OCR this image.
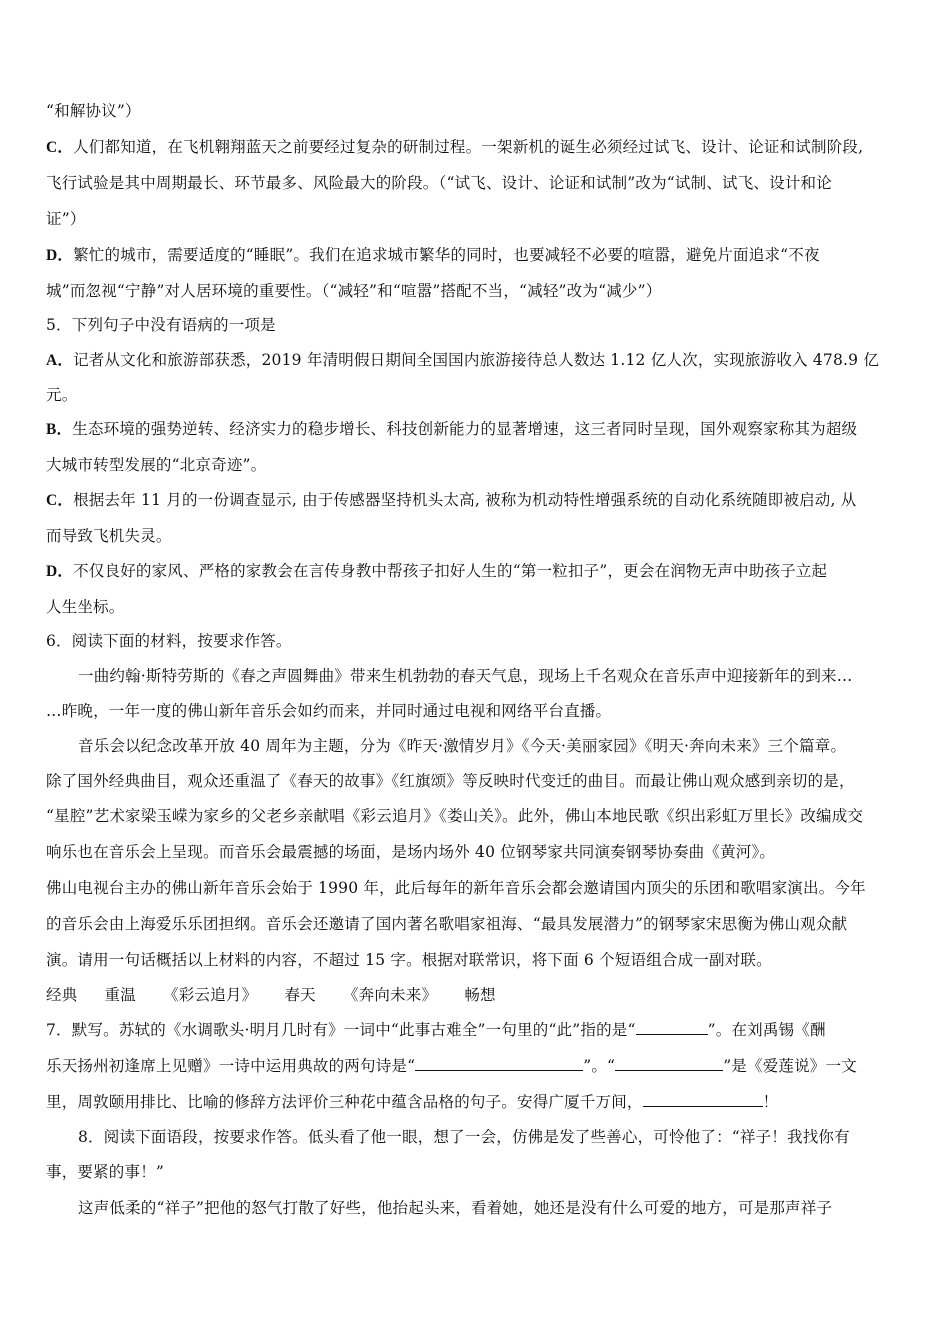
“和解协议”）
C．人们都知道，在飞机翱翔蓝天之前要经过复杂的研制过程。一架新机的诞生必须经过试飞、设计、论证和试制阶段,
飞行试验是其中周期最长、环节最多、风险最大的阶段。（“试飞、设计、论证和试制”改为“试制、试飞、设计和论
证”）
D．繁忙的城市，需要适度的“睡眠”。我们在追求城市繁华的同时，也要减轻不必要的喧嚣，避免片面追求“不夜
城”而忽视“宁静”对人居环境的重要性。（“减轻”和“喧嚣”搭配不当，“减轻”改为“减少”）
5．下列句子中没有语病的一项是
A．记者从文化和旅游部获悉，2019 年清明假日期间全国国内旅游接待总人数达 1.12 亿人次，实现旅游收入 478.9 亿
元。
B．生态环境的强势逆转、经济实力的稳步增长、科技创新能力的显著增速，这三者同时呈现，国外观察家称其为超级
大城市转型发展的“北京奇迹”。
C．根据去年 11 月的一份调查显示, 由于传感器坚持机头太高, 被称为机动特性增强系统的自动化系统随即被启动, 从
而导致飞机失灵。
D．不仅良好的家风、严格的家教会在言传身教中帮孩子扣好人生的“第一粒扣子”，更会在润物无声中助孩子立起
人生坐标。
6．阅读下面的材料，按要求作答。
一曲约翰·斯特劳斯的《春之声圆舞曲》带来生机勃勃的春天气息，现场上千名观众在音乐声中迎接新年的到来…
…昨晚，一年一度的佛山新年音乐会如约而来，并同时通过电视和网络平台直播。
音乐会以纪念改革开放 40 周年为主题，分为《昨天·激情岁月》《今天·美丽家园》《明天·奔向未来》三个篇章。
除了国外经典曲目，观众还重温了《春天的故事》《红旗颂》等反映时代变迁的曲目。而最让佛山观众感到亲切的是，
“星腔”艺术家梁玉嵘为家乡的父老乡亲献唱《彩云追月》《娄山关》。此外，佛山本地民歌《织出彩虹万里长》改编成交
响乐也在音乐会上呈现。而音乐会最震撼的场面，是场内场外 40 位钢琴家共同演奏钢琴协奏曲《黄河》。
佛山电视台主办的佛山新年音乐会始于 1990 年，此后每年的新年音乐会都会邀请国内顶尖的乐团和歌唱家演出。今年
的音乐会由上海爱乐乐团担纲。音乐会还邀请了国内著名歌唱家祖海、“最具发展潜力”的钢琴家宋思衡为佛山观众献
演。请用一句话概括以上材料的内容，不超过 15 字。根据对联常识，将下面 6 个短语组合成一副对联。
经典 重温 《彩云追月》 春天 《奔向未来》 畅想
7．默写。苏轼的《水调歌头·明月几时有》一词中“此事古难全”一句里的“此”指的是“	”。在刘禹锡《酬
乐天扬州初逢席上见赠》一诗中运用典故的两句诗是“	”。“	”是《爱莲说》一文
里，周敦颐用排比、比喻的修辞方法评价三种花中蕴含品格的句子。安得广厦千万间，	！
8．阅读下面语段，按要求作答。低头看了他一眼，想了一会，仿佛是发了些善心，可怜他了：“祥子！我找你有
事，要紧的事！”
这声低柔的“祥子”把他的怒气打散了好些，他抬起头来，看着她，她还是没有什么可爱的地方，可是那声祥子
